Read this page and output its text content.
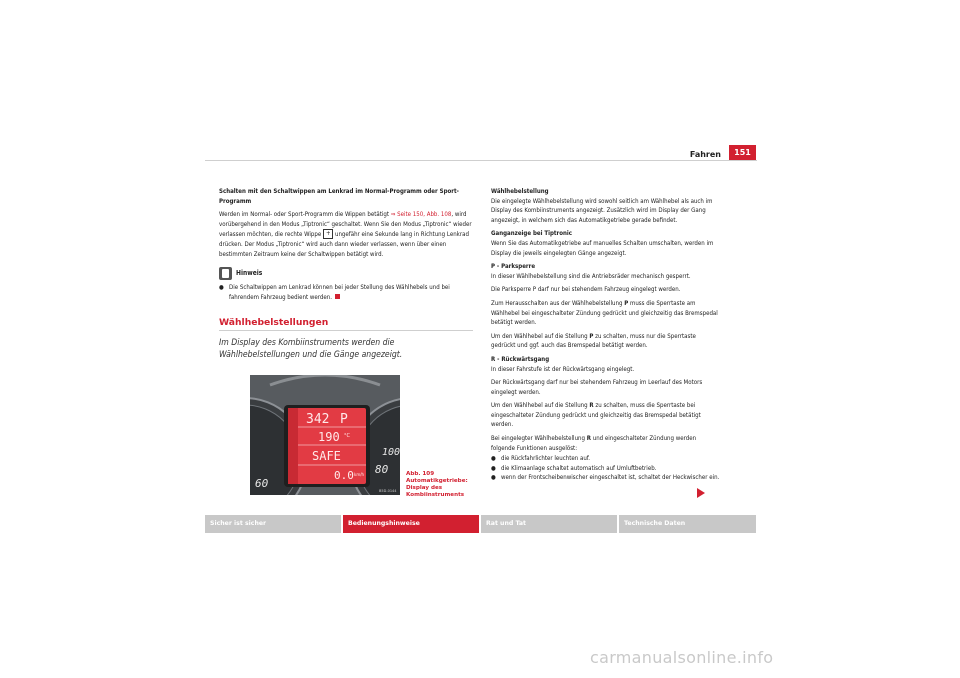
Fahren	151

Schalten mit den Schaltwippen am Lenkrad im Normal-Programm oder Sport-Programm

Werden im Normal- oder Sport-Programm die Wippen betätigt ⇒ Seite 150, Abb. 108, wird vorübergehend in den Modus „Tiptronic“ geschaltet. Wenn Sie den Modus „Tiptronic“ wieder verlassen möchten, die rechte Wippe + ungefähr eine Sekunde lang in Richtung Lenkrad drücken. Der Modus „Tiptronic“ wird auch dann wieder verlassen, wenn über einen bestimmten Zeitraum keine der Schaltwippen betätigt wird.

Hinweis
● Die Schaltwippen am Lenkrad können bei jeder Stellung des Wählhebels und bei fahrendem Fahrzeug bedient werden.
Wählhebelstellungen
Im Display des Kombiinstruments werden die Wählhebelstellungen und die Gänge angezeigt.
60
100
80
342 P
190 °C
SAFE
0.0 km/h
B5D-0144
Abb. 109 Automatikgetriebe: Display des Kombiinstruments

Wählhebelstellung

Die eingelegte Wählhebelstellung wird sowohl seitlich am Wählhebel als auch im Display des Kombiinstruments angezeigt. Zusätzlich wird im Display der Gang angezeigt, in welchem sich das Automatikgetriebe gerade befindet.

Ganganzeige bei Tiptronic

Wenn Sie das Automatikgetriebe auf manuelles Schalten umschalten, werden im Display die jeweils eingelegten Gänge angezeigt.

P - Parksperre

In dieser Wählhebelstellung sind die Antriebsräder mechanisch gesperrt.

Die Parksperre P darf nur bei stehendem Fahrzeug eingelegt werden.

Zum Herausschalten aus der Wählhebelstellung P muss die Sperrtaste am Wählhebel bei eingeschalteter Zündung gedrückt und gleichzeitig das Bremspedal betätigt werden.

Um den Wählhebel auf die Stellung P zu schalten, muss nur die Sperrtaste gedrückt und ggf. auch das Bremspedal betätigt werden.

R - Rückwärtsgang

In dieser Fahrstufe ist der Rückwärtsgang eingelegt.

Der Rückwärtsgang darf nur bei stehendem Fahrzeug im Leerlauf des Motors eingelegt werden.

Um den Wählhebel auf die Stellung R zu schalten, muss die Sperrtaste bei eingeschalteter Zündung gedrückt und gleichzeitig das Bremspedal betätigt werden.

Bei eingelegter Wählhebelstellung R und eingeschalteter Zündung werden folgende Funktionen ausgelöst:

● die Rückfahrlichter leuchten auf.
● die Klimaanlage schaltet automatisch auf Umluftbetrieb.
● wenn der Frontscheibenwischer eingeschaltet ist, schaltet der Heckwischer ein.
Sicher ist sicher	Bedienungshinweise	Rat und Tat	Technische Daten
carmanualsonline.info
